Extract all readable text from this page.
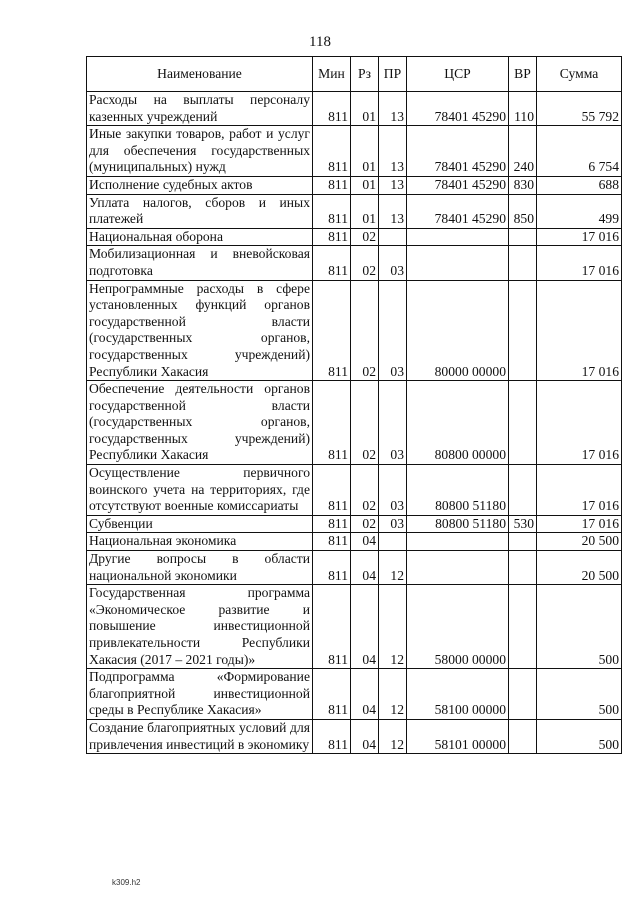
118
Наименование	Мин	Рз	ПР	ЦСР	ВР	Сумма
Расходы на выплаты персоналу казенных учреждений	811	01	13	78401 45290	110	55 792
Иные закупки товаров, работ и услуг для обеспечения государственных (муниципальных) нужд	811	01	13	78401 45290	240	6 754
Исполнение судебных актов	811	01	13	78401 45290	830	688
Уплата налогов, сборов и иных платежей	811	01	13	78401 45290	850	499
Национальная оборона	811	02				17 016
Мобилизационная и вневойсковая подготовка	811	02	03			17 016
Непрограммные расходы в сфере установленных функций органов государственной власти (государственных органов, государственных учреждений) Республики Хакасия	811	02	03	80000 00000		17 016
Обеспечение деятельности органов государственной власти (государственных органов, государственных учреждений) Республики Хакасия	811	02	03	80800 00000		17 016
Осуществление первичного воинского учета на территориях, где отсутствуют военные комиссариаты	811	02	03	80800 51180		17 016
Субвенции	811	02	03	80800 51180	530	17 016
Национальная экономика	811	04				20 500
Другие вопросы в области национальной экономики	811	04	12			20 500
Государственная программа «Экономическое развитие и повышение инвестиционной привлекательности Республики Хакасия (2017 – 2021 годы)»	811	04	12	58000 00000		500
Подпрограмма «Формирование благоприятной инвестиционной среды в Республике Хакасия»	811	04	12	58100 00000		500
Создание благоприятных условий для привлечения инвестиций в экономику	811	04	12	58101 00000		500
k309.h2
